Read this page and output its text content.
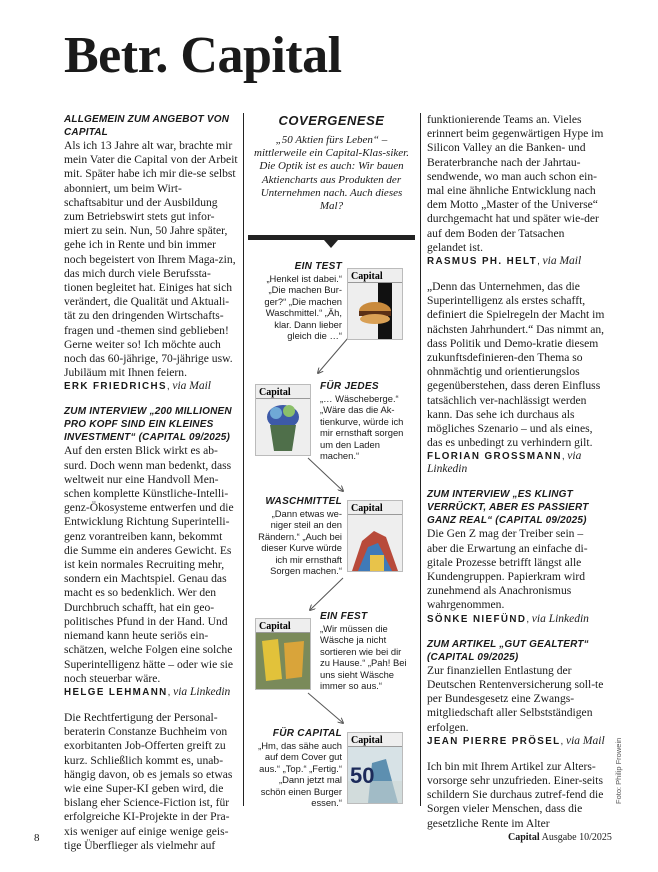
Betr. Capital
ALLGEMEIN ZUM ANGEBOT VON CAPITAL

Als ich 13 Jahre alt war, brachte mir mein Vater die Capital von der Arbeit mit. Später habe ich mir die-se selbst abonniert, um beim Wirt-schaftsabitur und der Ausbildung zum Betriebswirt stets gut infor-miert zu sein. Nun, 50 Jahre später, gehe ich in Rente und bin immer noch begeistert von Ihrem Maga-zin, das mich durch viele Berufssta-tionen begleitet hat. Einiges hat sich verändert, die Qualität und Aktuali-tät zu den dringenden Wirtschafts-fragen und -themen sind geblieben! Gerne weiter so! Ich möchte auch noch das 60-jährige, 70-jährige usw. Jubiläum mit Ihnen feiern.

ERK FRIEDRICHS, via Mail
ZUM INTERVIEW „200 MILLIONEN PRO KOPF SIND EIN KLEINES INVESTMENT“ (CAPITAL 09/2025)

Auf den ersten Blick wirkt es ab-surd. Doch wenn man bedenkt, dass weltweit nur eine Handvoll Men-schen komplette Künstliche-Intelli-genz-Ökosysteme entwerfen und die Entwicklung Richtung Superintelli-genz vorantreiben kann, bekommt die Summe ein anderes Gewicht. Es ist kein normales Recruiting mehr, sondern ein Machtspiel. Genau das macht es so bedenklich. Wer den Durchbruch schafft, hat ein geo-politisches Pfund in der Hand. Und niemand kann heute seriös ein-schätzen, welche Folgen eine solche Superintelligenz hätte – oder wie sie noch steuerbar wäre.

HELGE LEHMANN, via Linkedin

Die Rechtfertigung der Personal-beraterin Constanze Buchheim von exorbitanten Job-Offerten greift zu kurz. Schließlich kommt es, unab-hängig davon, ob es jemals so etwas wie eine Super-KI geben wird, die bislang eher Science-Fiction ist, für erfolgreiche KI-Projekte in der Pra-xis weniger auf einige wenige geis-tige Überflieger als vielmehr auf

COVERGENESE
„50 Aktien fürs Leben“ – mittlerweile ein Capital-Klas-siker. Die Optik ist es auch: Wir bauen Aktiencharts aus Produkten der Unternehmen nach. Auch dieses Mal?
EIN TEST
„Henkel ist dabei.“ „Die machen Bur-ger?“ „Die machen Waschmittel.“ „Äh, klar. Dann lieber gleich die …“
Capital
Capital
FÜR JEDES
„… Wäscheberge.“ „Wäre das die Ak-tienkurve, würde ich mir ernsthaft sorgen um den Laden machen.“
WASCHMITTEL
„Dann etwas we-niger steil an den Rändern.“ „Auch bei dieser Kurve würde ich mir ernsthaft Sorgen machen.“
Capital
Capital
EIN FEST
„Wir müssen die Wäsche ja nicht sortieren wie bei dir zu Hause.“ „Pah! Bei uns sieht Wäsche immer so aus.“
FÜR CAPITAL
„Hm, das sähe auch auf dem Cover gut aus.“ „Top.“ „Fertig.“ „Dann jetzt mal schön einen Burger essen.“
Capital
50

funktionierende Teams an. Vieles erinnert beim gegenwärtigen Hype im Silicon Valley an die Banken- und Beraterbranche nach der Jahrtau-sendwende, wo man auch schon ein-mal eine ähnliche Entwicklung nach dem Motto „Master of the Universe“ durchgemacht hat und später wie-der auf dem Boden der Tatsachen gelandet ist.

RASMUS PH. HELT, via Mail

„Denn das Unternehmen, das die Superintelligenz als erstes schafft, definiert die Spielregeln der Macht im nächsten Jahrhundert.“ Das nimmt an, dass Politik und Demo-kratie diesem zukunftsdefinieren-den Thema so ohnmächtig und orientierungslos gegenüberstehen, dass deren Einfluss tatsächlich ver-nachlässigt werden kann. Das sehe ich durchaus als mögliches Szenario – und als eines, das es unbedingt zu verhindern gilt.

FLORIAN GROSSMANN, via Linkedin
ZUM INTERVIEW „ES KLINGT VERRÜCKT, ABER ES PASSIERT GANZ REAL“ (CAPITAL 09/2025)

Die Gen Z mag der Treiber sein – aber die Erwartung an einfache di-gitale Prozesse betrifft längst alle Kundengruppen. Papierkram wird zunehmend als Anachronismus wahrgenommen.

SÖNKE NIEFÜND, via Linkedin
ZUM ARTIKEL „GUT GEALTERT“ (CAPITAL 09/2025)

Zur finanziellen Entlastung der Deutschen Rentenversicherung soll-te per Bundesgesetz eine Zwangs-mitgliedschaft aller Selbstständigen erfolgen.

JEAN PIERRE PRÖSEL, via Mail

Ich bin mit Ihrem Artikel zur Alters-vorsorge sehr unzufrieden. Einer-seits schildern Sie durchaus zutref-fend die Sorgen vieler Menschen, dass die gesetzliche Rente im Alter

Foto: Philip Frowein
8	Capital Ausgabe 10/2025
